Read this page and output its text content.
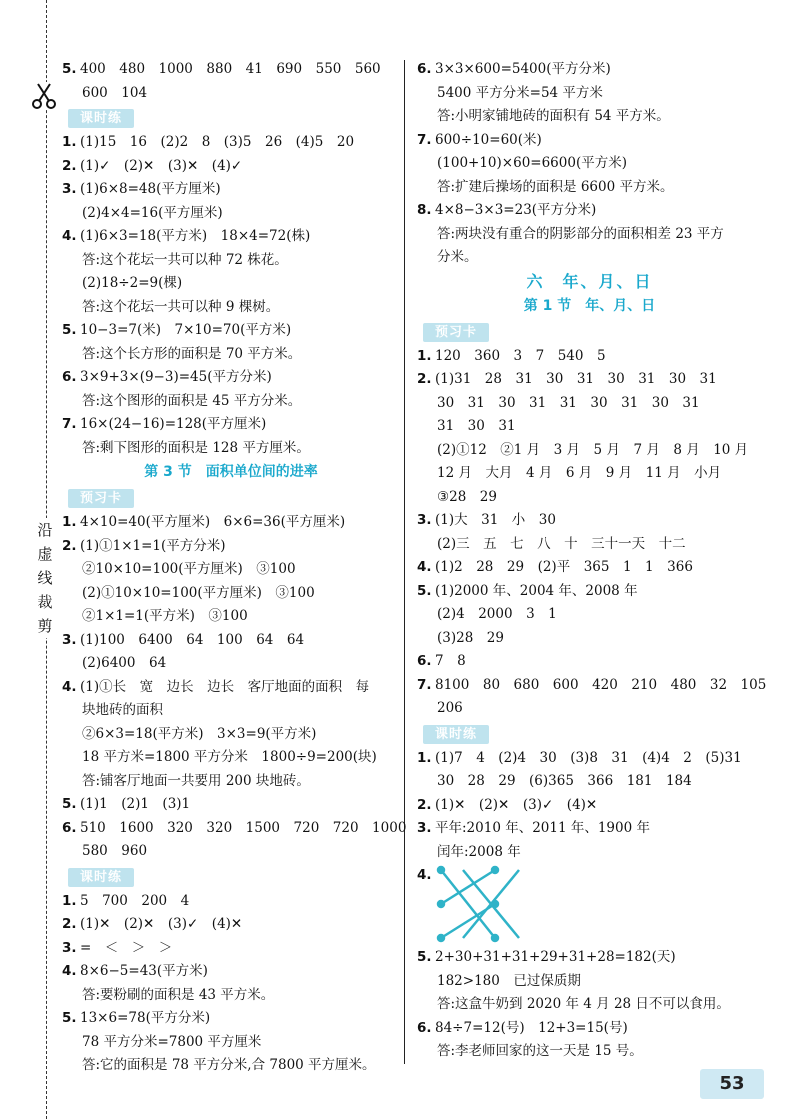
沿
虚
线
裁
剪
5. 400　480　1000　880　41　690　550　560
600　104
课时练
1. (1)15　16　(2)2　8　(3)5　26　(4)5　20
2. (1)✓　(2)✕　(3)✕　(4)✓
3. (1)6×8=48(平方厘米)
(2)4×4=16(平方厘米)
4. (1)6×3=18(平方米)　18×4=72(株)
答:这个花坛一共可以种 72 株花。
(2)18÷2=9(棵)
答:这个花坛一共可以种 9 棵树。
5. 10−3=7(米)　7×10=70(平方米)
答:这个长方形的面积是 70 平方米。
6. 3×9+3×(9−3)=45(平方分米)
答:这个图形的面积是 45 平方分米。
7. 16×(24−16)=128(平方厘米)
答:剩下图形的面积是 128 平方厘米。
第 3 节　面积单位间的进率
预习卡
1. 4×10=40(平方厘米)　6×6=36(平方厘米)
2. (1)①1×1=1(平方分米)
②10×10=100(平方厘米)　③100
(2)①10×10=100(平方厘米)　③100
②1×1=1(平方米)　③100
3. (1)100　6400　64　100　64　64
(2)6400　64
4. (1)①长　宽　边长　边长　客厅地面的面积　每
块地砖的面积
②6×3=18(平方米)　3×3=9(平方米)
18 平方米=1800 平方分米　1800÷9=200(块)
答:铺客厅地面一共要用 200 块地砖。
5. (1)1　(2)1　(3)1
6. 510　1600　320　320　1500　720　720　1000
580　960
课时练
1. 5　700　200　4
2. (1)✕　(2)✕　(3)✓　(4)✕
3. =　＜　＞　＞
4. 8×6−5=43(平方米)
答:要粉刷的面积是 43 平方米。
5. 13×6=78(平方分米)
78 平方分米=7800 平方厘米
答:它的面积是 78 平方分米,合 7800 平方厘米。
6. 3×3×600=5400(平方分米)
5400 平方分米=54 平方米
答:小明家铺地砖的面积有 54 平方米。
7. 600÷10=60(米)
(100+10)×60=6600(平方米)
答:扩建后操场的面积是 6600 平方米。
8. 4×8−3×3=23(平方分米)
答:两块没有重合的阴影部分的面积相差 23 平方
分米。
六　年、月、日
第 1 节　年、月、日
预习卡
1. 120　360　3　7　540　5
2. (1)31　28　31　30　31　30　31　30　31
30　31　30　31　31　30　31　30　31
31　30　31
(2)①12　②1 月　3 月　5 月　7 月　8 月　10 月
12 月　大月　4 月　6 月　9 月　11 月　小月
③28　29
3. (1)大　31　小　30
(2)三　五　七　八　十　三十一天　十二
4. (1)2　28　29　(2)平　365　1　1　366
5. (1)2000 年、2004 年、2008 年
(2)4　2000　3　1
(3)28　29
6. 7　8
7. 8100　80　680　600　420　210　480　32　105
206
课时练
1. (1)7　4　(2)4　30　(3)8　31　(4)4　2　(5)31
30　28　29　(6)365　366　181　184
2. (1)✕　(2)✕　(3)✓　(4)✕
3. 平年:2010 年、2011 年、1900 年
闰年:2008 年
4.
5. 2+30+31+31+29+31+28=182(天)
182>180　已过保质期
答:这盒牛奶到 2020 年 4 月 28 日不可以食用。
6. 84÷7=12(号)　12+3=15(号)
答:李老师回家的这一天是 15 号。
53
